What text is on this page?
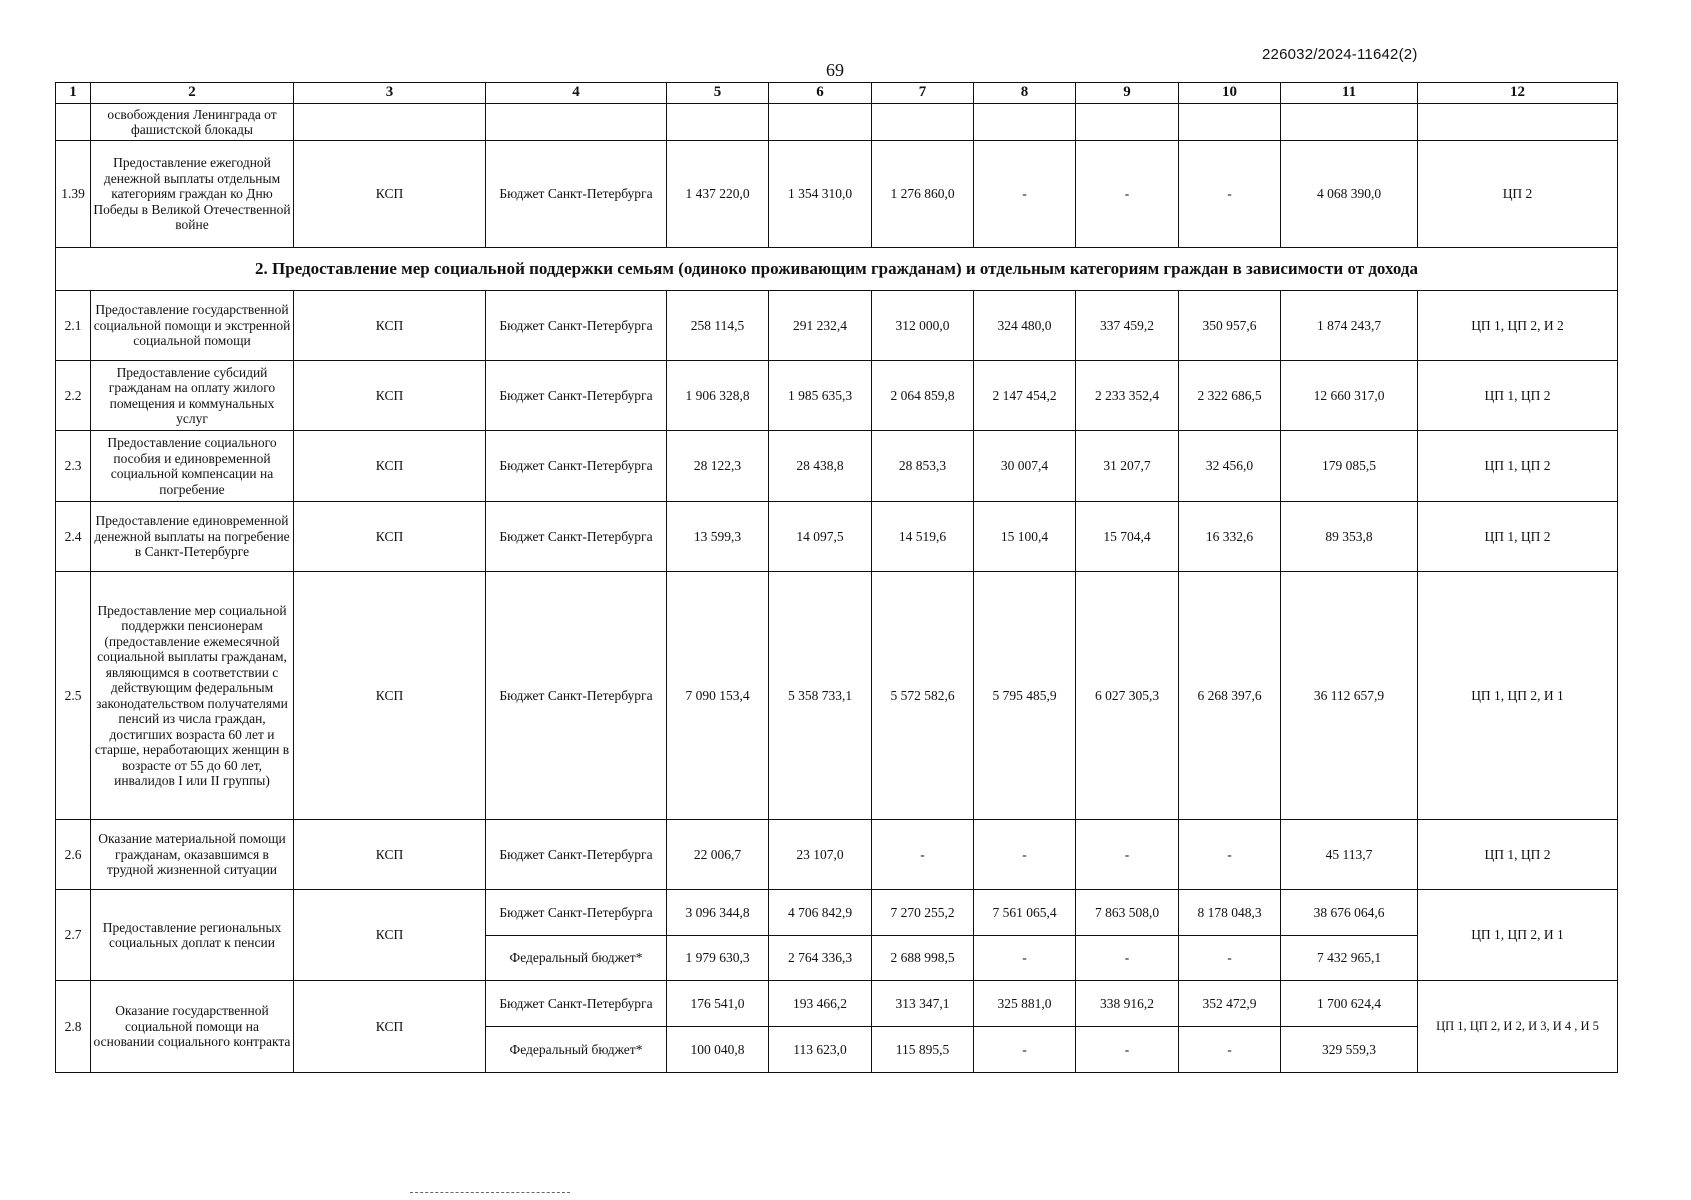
226032/2024-11642(2)
69
1	2	3	4	5	6	7	8	9	10	11	12
	освобождения Ленинграда от фашистской блокады										
1.39	Предоставление ежегодной денежной выплаты отдельным категориям граждан ко Дню Победы в Великой Отечественной войне	КСП	Бюджет Санкт-Петербурга	1 437 220,0	1 354 310,0	1 276 860,0	-	-	-	4 068 390,0	ЦП 2
2. Предоставление мер социальной поддержки семьям (одиноко проживающим гражданам) и отдельным категориям граждан в зависимости от дохода											
2.1	Предоставление государственной социальной помощи и экстренной социальной помощи	КСП	Бюджет Санкт-Петербурга	258 114,5	291 232,4	312 000,0	324 480,0	337 459,2	350 957,6	1 874 243,7	ЦП 1, ЦП 2, И 2
2.2	Предоставление субсидий гражданам на оплату жилого помещения и коммунальных услуг	КСП	Бюджет Санкт-Петербурга	1 906 328,8	1 985 635,3	2 064 859,8	2 147 454,2	2 233 352,4	2 322 686,5	12 660 317,0	ЦП 1, ЦП 2
2.3	Предоставление социального пособия и единовременной социальной компенсации на погребение	КСП	Бюджет Санкт-Петербурга	28 122,3	28 438,8	28 853,3	30 007,4	31 207,7	32 456,0	179 085,5	ЦП 1, ЦП 2
2.4	Предоставление единовременной денежной выплаты на погребение в Санкт-Петербурге	КСП	Бюджет Санкт-Петербурга	13 599,3	14 097,5	14 519,6	15 100,4	15 704,4	16 332,6	89 353,8	ЦП 1, ЦП 2
2.5	Предоставление мер социальной поддержки пенсионерам (предоставление ежемесячной социальной выплаты гражданам, являющимся в соответствии с действующим федеральным законодательством получателями пенсий из числа граждан, достигших возраста 60 лет и старше, неработающих женщин в возрасте от 55 до 60 лет, инвалидов I или II группы)	КСП	Бюджет Санкт-Петербурга	7 090 153,4	5 358 733,1	5 572 582,6	5 795 485,9	6 027 305,3	6 268 397,6	36 112 657,9	ЦП 1, ЦП 2, И 1
2.6	Оказание материальной помощи гражданам, оказавшимся в трудной жизненной ситуации	КСП	Бюджет Санкт-Петербурга	22 006,7	23 107,0	-	-	-	-	45 113,7	ЦП 1, ЦП 2
2.7	Предоставление региональных социальных доплат к пенсии	КСП	Бюджет Санкт-Петербурга	3 096 344,8	4 706 842,9	7 270 255,2	7 561 065,4	7 863 508,0	8 178 048,3	38 676 064,6	ЦП 1, ЦП 2, И 1
			Федеральный бюджет*	1 979 630,3	2 764 336,3	2 688 998,5	-	-	-	7 432 965,1	
2.8	Оказание государственной социальной помощи на основании социального контракта	КСП	Бюджет Санкт-Петербурга	176 541,0	193 466,2	313 347,1	325 881,0	338 916,2	352 472,9	1 700 624,4	ЦП 1, ЦП 2, И 2, И 3, И 4 , И 5
			Федеральный бюджет*	100 040,8	113 623,0	115 895,5	-	-	-	329 559,3	
